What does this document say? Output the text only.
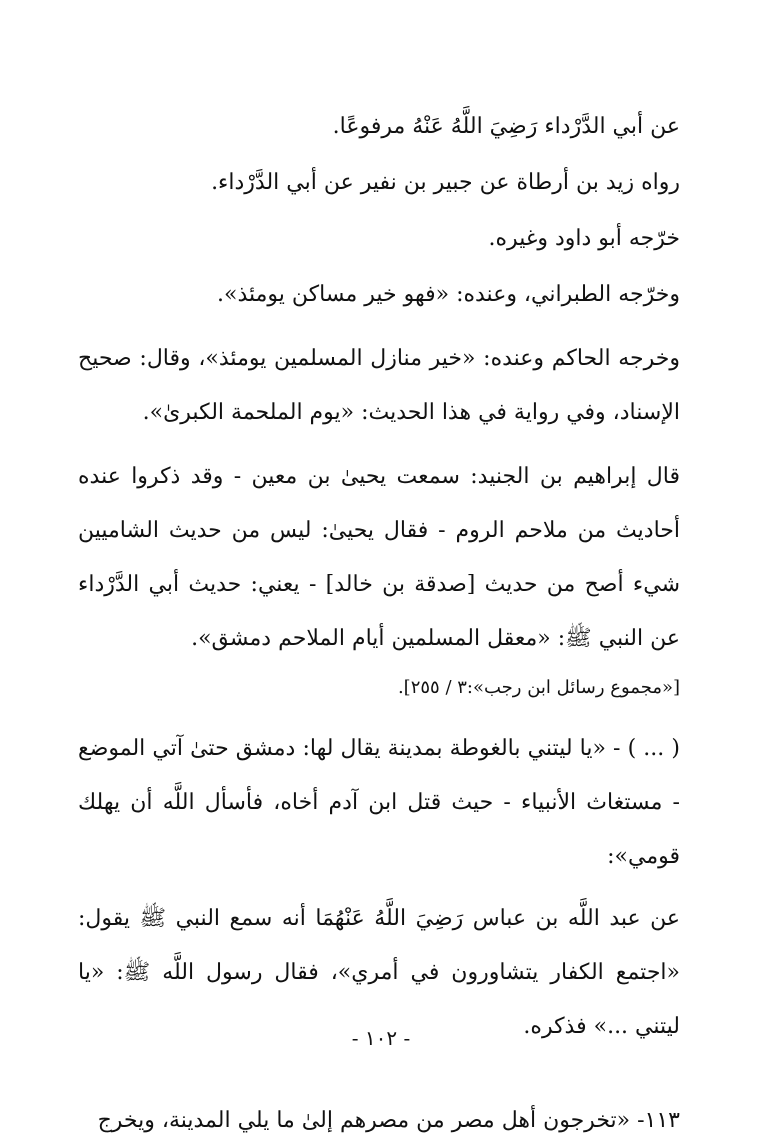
عن أبي الدَّرْداء رَضِيَ اللَّهُ عَنْهُ مرفوعًا.

رواه زيد بن أرطاة عن جبير بن نفير عن أبي الدَّرْداء.

خرّجه أبو داود وغيره.

وخرّجه الطبراني، وعنده: «فهو خير مساكن يومئذ».

وخرجه الحاكم وعنده: «خير منازل المسلمين يومئذ»، وقال: صحيح الإسناد، وفي رواية في هذا الحديث: «يوم الملحمة الكبرىٰ».

قال إبراهيم بن الجنيد: سمعت يحيىٰ بن معين - وقد ذكروا عنده أحاديث من ملاحم الروم - فقال يحيىٰ: ليس من حديث الشاميين شيء أصح من حديث [صدقة بن خالد] - يعني: حديث أبي الدَّرْداء عن النبي ﷺ: «معقل المسلمين أيام الملاحم دمشق».

[«مجموع رسائل ابن رجب»:٣ / ٢٥٥].

( ... ) - «يا ليتني بالغوطة بمدينة يقال لها: دمشق حتىٰ آتي الموضع - مستغاث الأنبياء - حيث قتل ابن آدم أخاه، فأسأل اللَّه أن يهلك قومي»:

عن عبد اللَّه بن عباس رَضِيَ اللَّهُ عَنْهُمَا أنه سمع النبي ﷺ يقول: «اجتمع الكفار يتشاورون في أمري»، فقال رسول اللَّه ﷺ: «يا ليتني ...» فذكره.

١١٣- «تخرجون أهل مصر من مصرهم إلىٰ ما يلي المدينة، ويخرج

- ١٠٢ -
